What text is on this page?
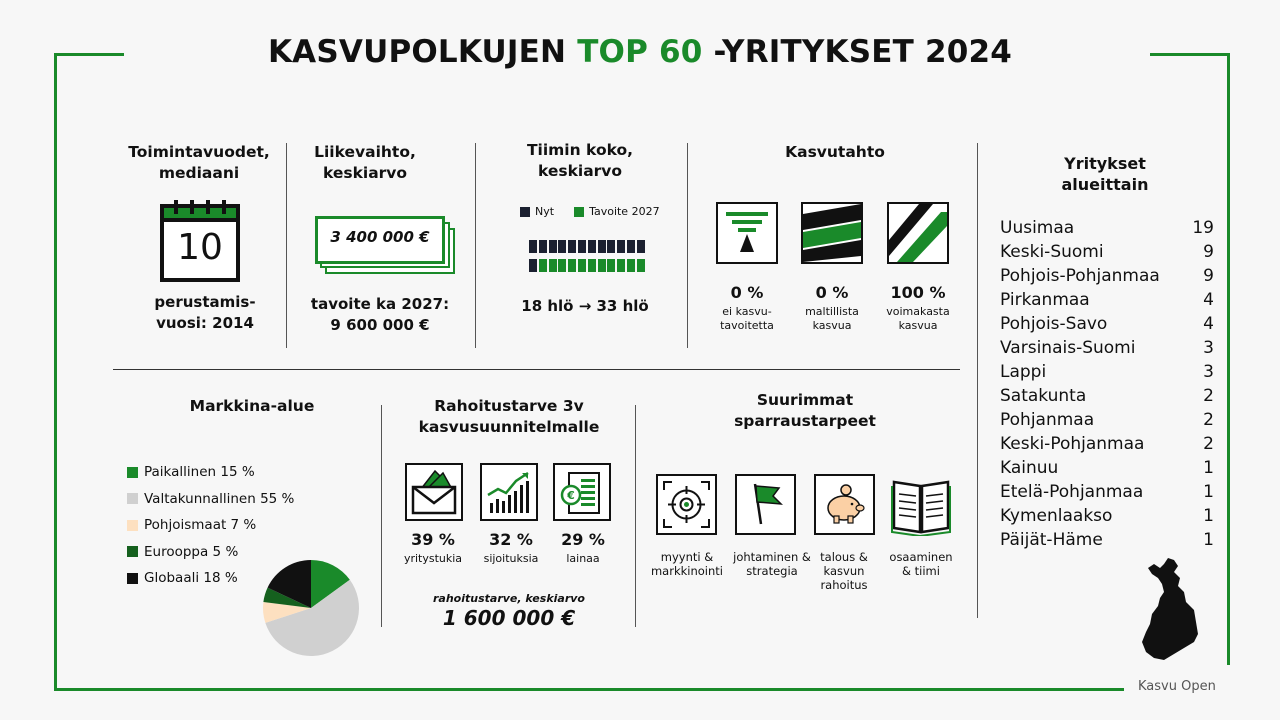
KASVUPOLKUJEN TOP 60 -YRITYKSET 2024
Toimintavuodet, mediaani
10
perustamis-vuosi: 2014
Liikevaihto, keskiarvo
3 400 000 €
tavoite ka 2027: 9 600 000 €
Tiimin koko, keskiarvo
Nyt	Tavoite 2027
18 hlö → 33 hlö
Kasvutahto
0 %	0 %	100 %
ei kasvu-tavoitetta
maltillista kasvua
voimakasta kasvua
Yritykset alueittain
Uusimaa	19
Keski-Suomi	9
Pohjois-Pohjanmaa	9
Pirkanmaa	4
Pohjois-Savo	4
Varsinais-Suomi	3
Lappi	3
Satakunta	2
Pohjanmaa	2
Keski-Pohjanmaa	2
Kainuu	1
Etelä-Pohjanmaa	1
Kymenlaakso	1
Päijät-Häme	1
Markkina-alue
Paikallinen 15 %
Valtakunnallinen 55 %
Pohjoismaat 7 %
Eurooppa 5 %
Globaali 18 %
Rahoitustarve 3v kasvusuunnitelmalle
€
39 %	32 %	29 %
yritystukia	sijoituksia	lainaa
rahoitustarve, keskiarvo
1 600 000 €
Suurimmat sparraustarpeet
myynti & markkinointi
johtaminen & strategia
talous & kasvun rahoitus
osaaminen & tiimi
Kasvu Open
